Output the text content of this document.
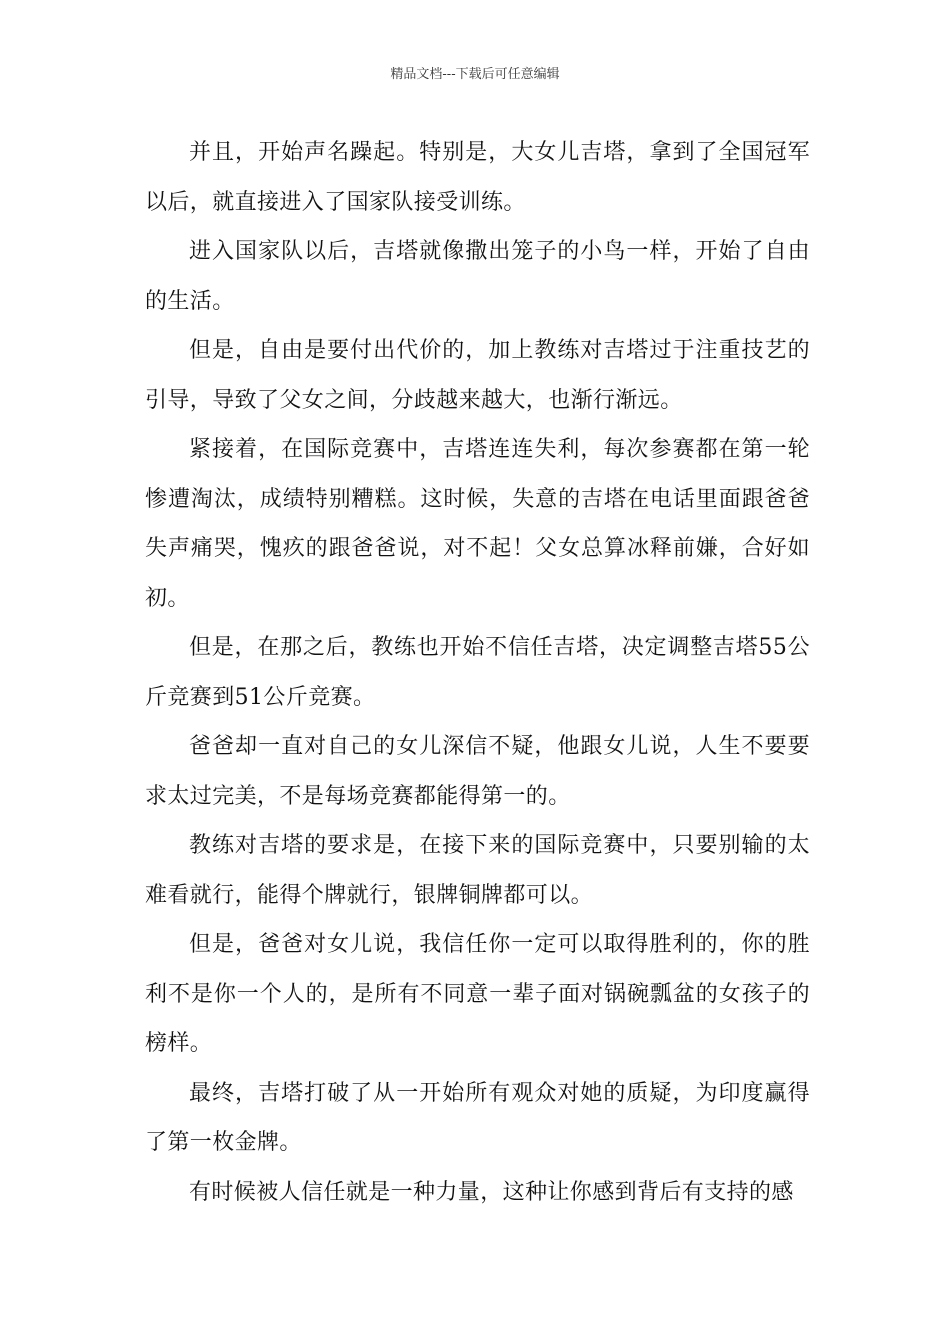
精品文档---下载后可任意编辑

并且，开始声名躁起。特别是，大女儿吉塔，拿到了全国冠军以后，就直接进入了国家队接受训练。

进入国家队以后，吉塔就像撒出笼子的小鸟一样，开始了自由的生活。

但是，自由是要付出代价的，加上教练对吉塔过于注重技艺的引导，导致了父女之间，分歧越来越大，也渐行渐远。

紧接着，在国际竞赛中，吉塔连连失利，每次参赛都在第一轮惨遭淘汰，成绩特别糟糕。这时候，失意的吉塔在电话里面跟爸爸失声痛哭，愧疚的跟爸爸说，对不起！父女总算冰释前嫌，合好如初。

但是，在那之后，教练也开始不信任吉塔，决定调整吉塔55公斤竞赛到51公斤竞赛。

爸爸却一直对自己的女儿深信不疑，他跟女儿说，人生不要要求太过完美，不是每场竞赛都能得第一的。

教练对吉塔的要求是，在接下来的国际竞赛中，只要别输的太难看就行，能得个牌就行，银牌铜牌都可以。

但是，爸爸对女儿说，我信任你一定可以取得胜利的，你的胜利不是你一个人的，是所有不同意一辈子面对锅碗瓢盆的女孩子的榜样。

最终，吉塔打破了从一开始所有观众对她的质疑，为印度赢得了第一枚金牌。

有时候被人信任就是一种力量，这种让你感到背后有支持的感
